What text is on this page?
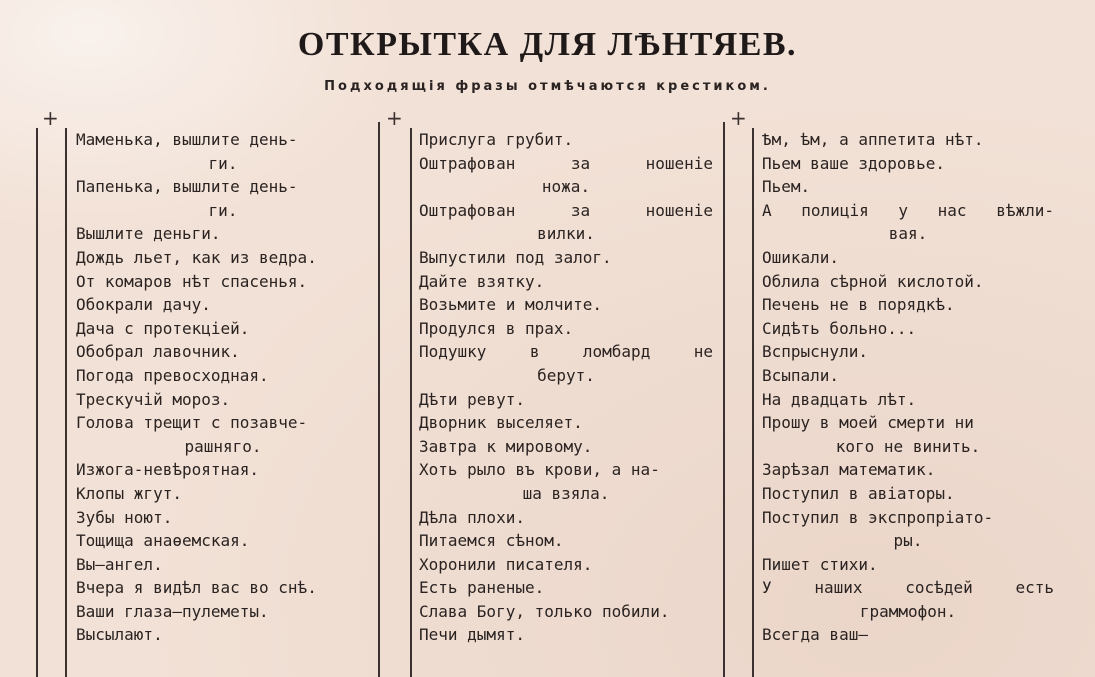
ОТКРЫТКА ДЛЯ ЛѢНТЯЕВ.
Подходящія фразы отмѣчаются крестиком.
+	+	+
Маменька, вышлите день-
ги.
Папенька, вышлите день-
ги.
Вышлите деньги.
Дождь льет, как из ведра.
От комаров нѣт спасенья.
Обокрали дачу.
Дача с протекціей.
Обобрал лавочник.
Погода превосходная.
Трескучій мороз.
Голова трещит с позавче-
рашняго.
Изжога-невѣроятная.
Клопы жгут.
Зубы ноют.
Тощища анаѳемская.
Вы—ангел.
Вчера я видѣл вас во снѣ.
Ваши глаза—пулеметы.
Высылают.
Прислуга грубит.
Оштрафован	за	ношеніе
ножа.
Оштрафован	за	ношеніе
вилки.
Выпустили под залог.
Дайте взятку.
Возьмите и молчите.
Продулся в прах.
Подушку	в	ломбард	не
берут.
Дѣти ревут.
Дворник выселяет.
Завтра к мировому.
Хоть рыло въ крови, а на-
ша взяла.
Дѣла плохи.
Питаемся сѣном.
Хоронили писателя.
Есть раненые.
Слава Богу, только побили.
Печи дымят.
Ѣм, ѣм, а аппетита нѣт.
Пьем ваше здоровье.
Пьем.
А полиція у нас вѣжли-
вая.
Ошикали.
Облила сѣрной кислотой.
Печень не в порядкѣ.
Сидѣть больно...
Вспрыснули.
Всыпали.
На двадцать лѣт.
Прошу в моей смерти ни
кого не винить.
Зарѣзал математик.
Поступил в авіаторы.
Поступил в экспропріато-
ры.
Пишет стихи.
У	наших	сосѣдей	есть
граммофон.
Всегда ваш—
